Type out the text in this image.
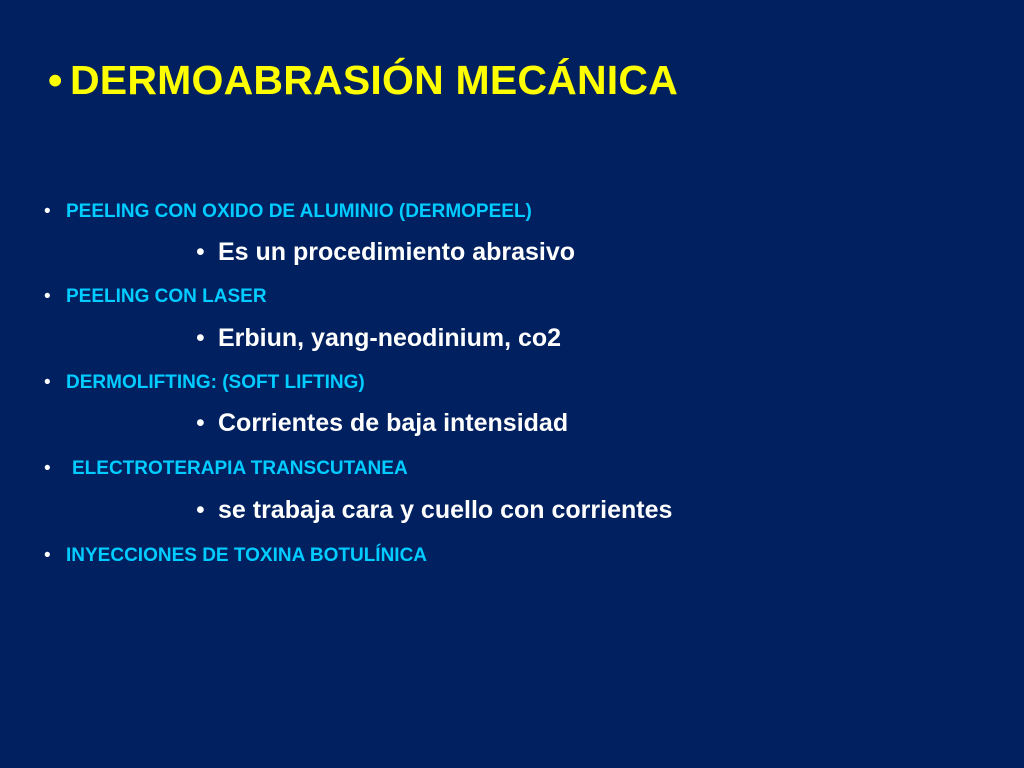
• DERMOABRASIÓN MECÁNICA
• PEELING CON OXIDO DE ALUMINIO (DERMOPEEL)
• Es un procedimiento abrasivo
• PEELING CON LASER
• Erbiun, yang-neodinium, co2
• DERMOLIFTING: (SOFT LIFTING)
• Corrientes de baja intensidad
• ELECTROTERAPIA TRANSCUTANEA
• se trabaja cara y cuello con corrientes
• INYECCIONES DE TOXINA BOTULÍNICA
